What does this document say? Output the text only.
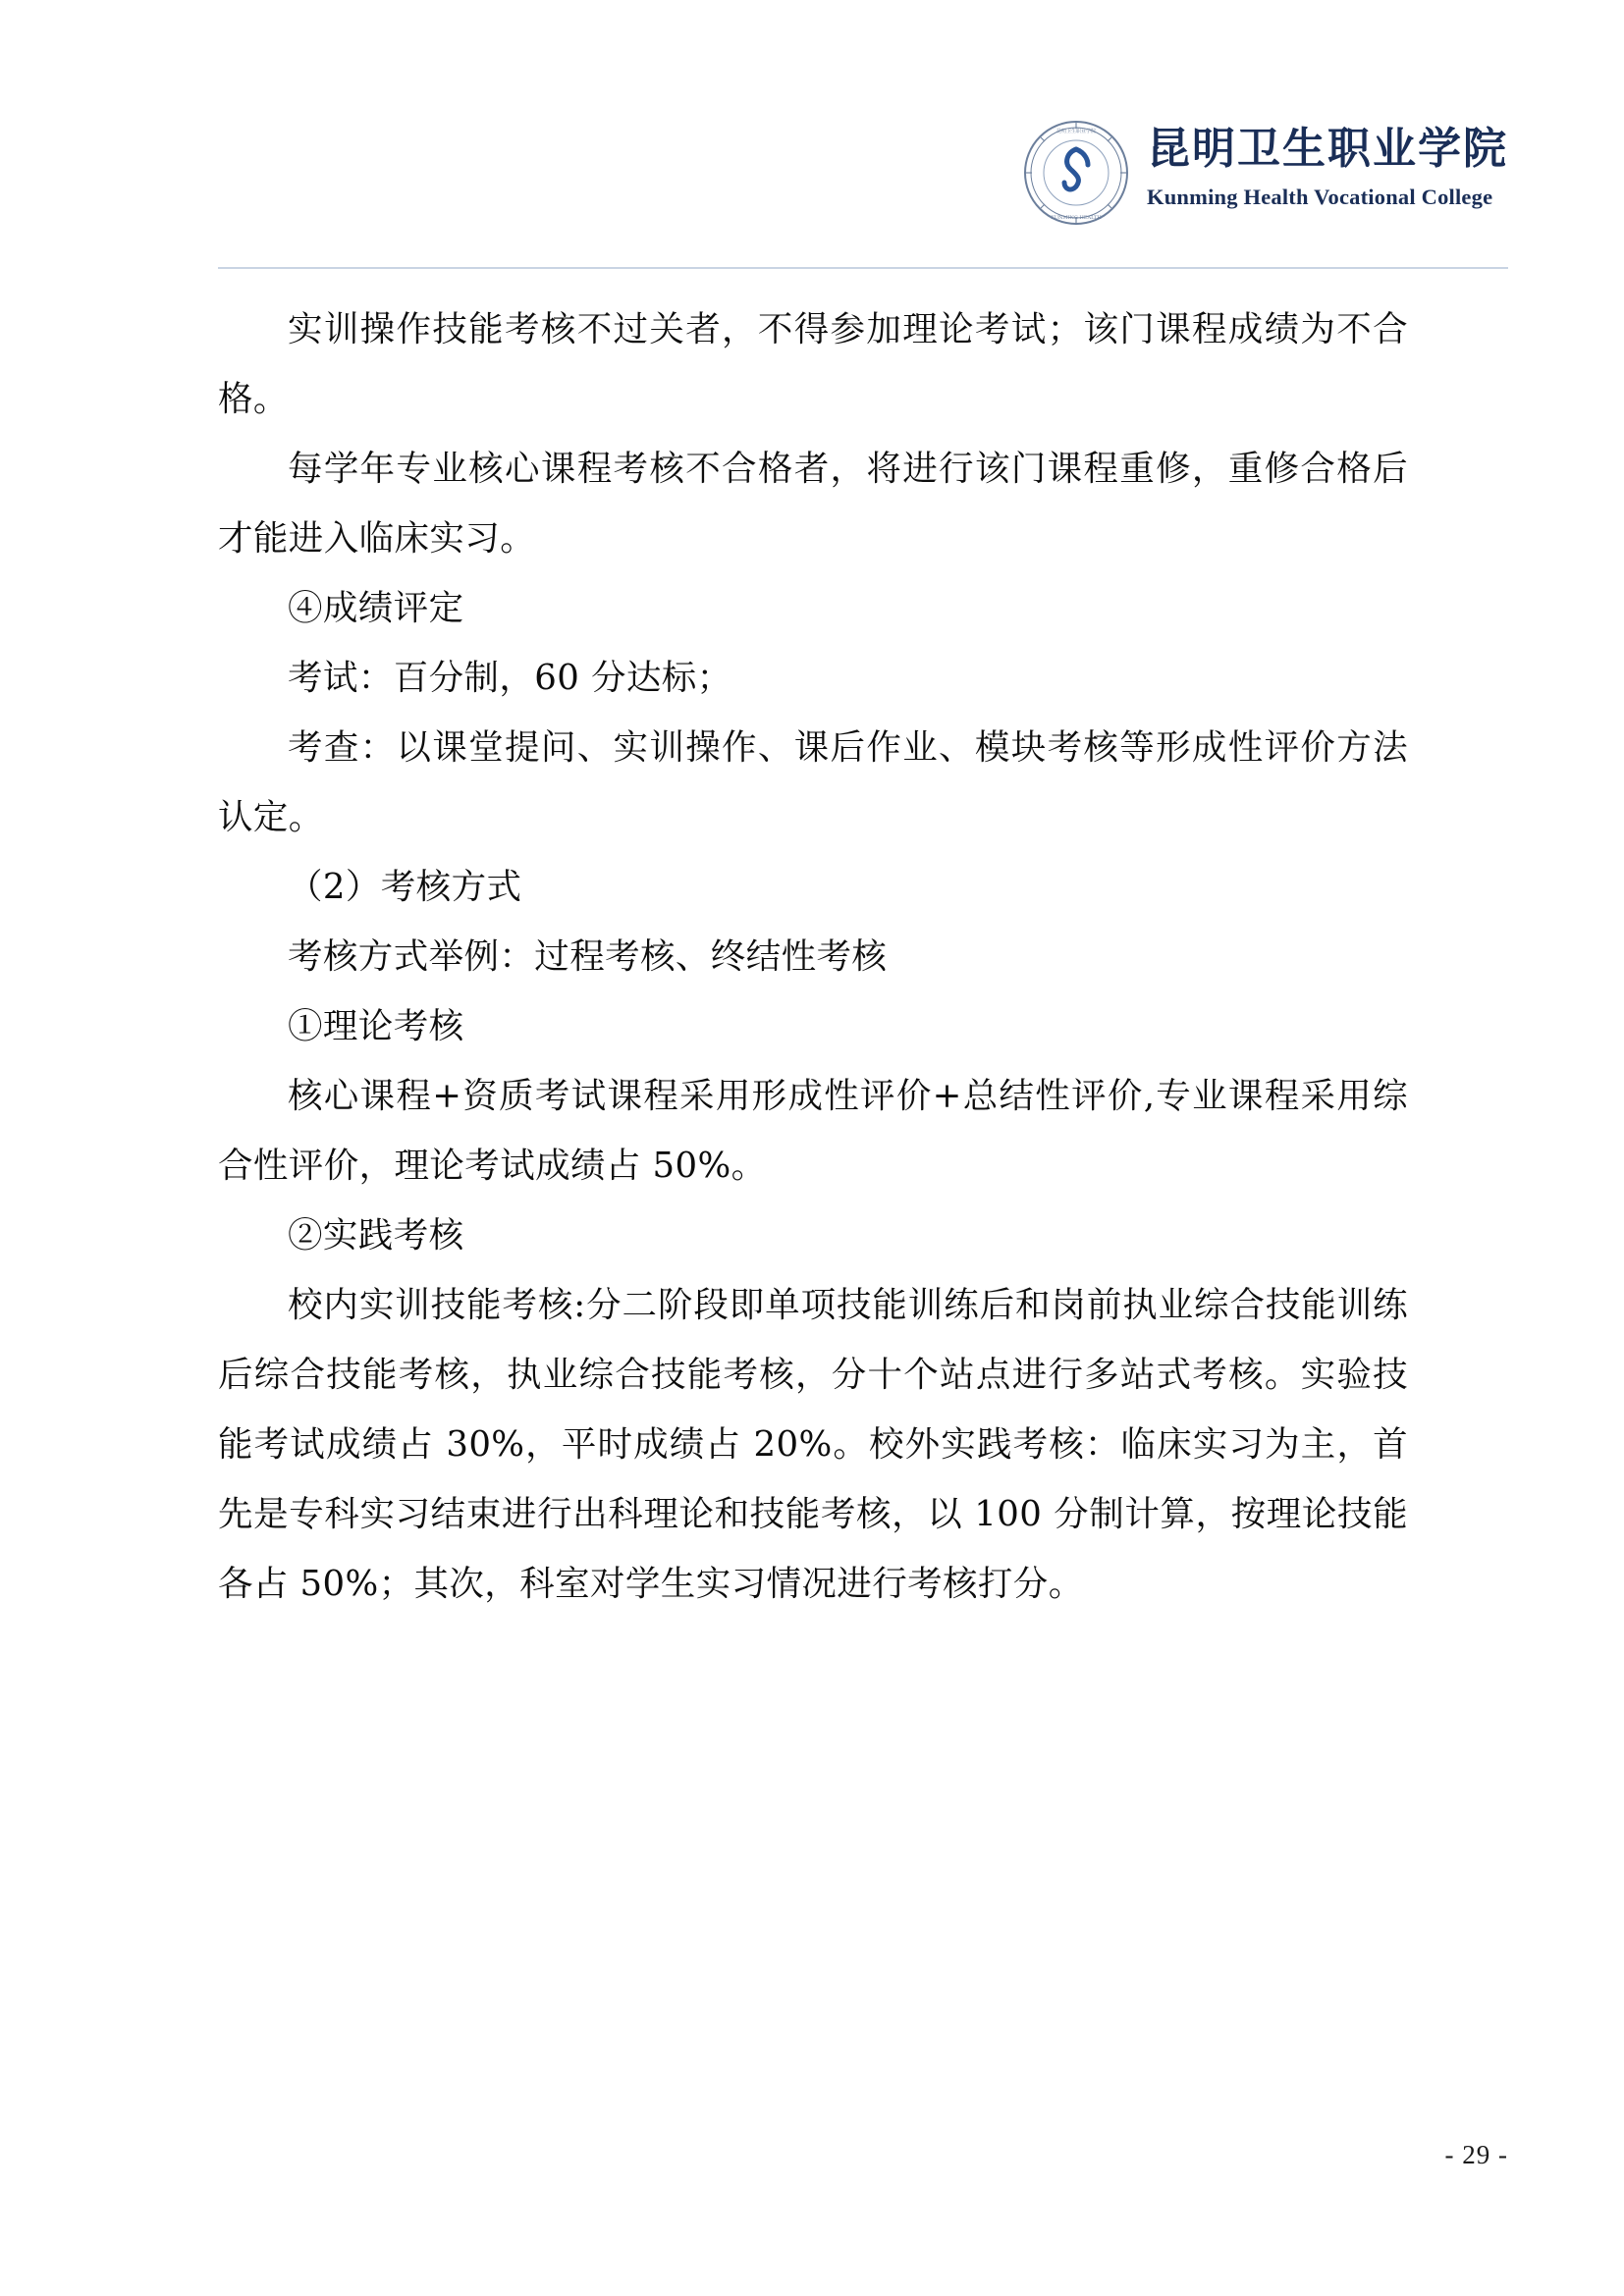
昆明卫生职业学院
KUNMING HEALTH
昆明卫生职业学院
Kunming Health Vocational College

实训操作技能考核不过关者，不得参加理论考试；该门课程成绩为不合格。

每学年专业核心课程考核不合格者，将进行该门课程重修，重修合格后才能进入临床实习。

④成绩评定

考试：百分制，60 分达标；

考查：以课堂提问、实训操作、课后作业、模块考核等形成性评价方法认定。

（2）考核方式

考核方式举例：过程考核、终结性考核

①理论考核

核心课程+资质考试课程采用形成性评价+总结性评价,专业课程采用综合性评价，理论考试成绩占 50%。

②实践考核

校内实训技能考核:分二阶段即单项技能训练后和岗前执业综合技能训练后综合技能考核，执业综合技能考核，分十个站点进行多站式考核。实验技能考试成绩占 30%，平时成绩占 20%。校外实践考核：临床实习为主，首先是专科实习结束进行出科理论和技能考核，以 100 分制计算，按理论技能各占 50%；其次，科室对学生实习情况进行考核打分。

- 29 -
